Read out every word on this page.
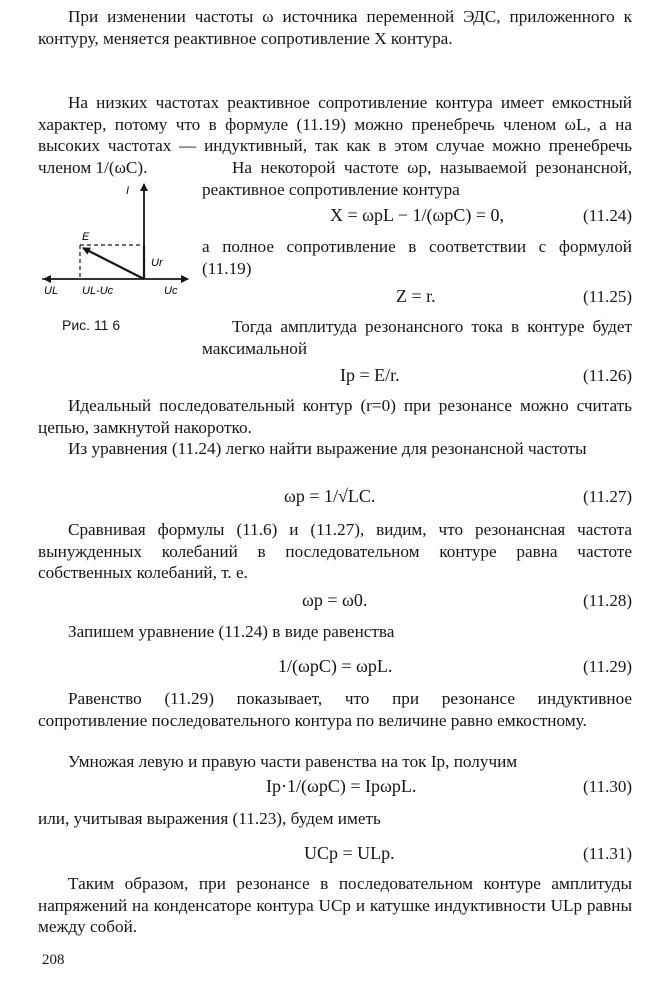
При изменении частоты ω источника переменной ЭДС, приложенного к контуру, меняется реактивное сопротивление X контура.
На низких частотах реактивное сопротивление контура имеет емкостный характер, потому что в формуле (11.19) можно пренебречь членом ωL, а на высоких частотах — индуктивный, так как в этом случае можно пренебречь членом 1/(ωC).
I
E
Ur
UL UL-Uc	Uc
Рис. 11 6
На некоторой частоте ωр, называемой резонансной, реактивное сопротивление контура
X = ωрL − 1/(ωрC) = 0,	(11.24)
а полное сопротивление в соответствии с формулой (11.19)
Z = r.	(11.25)
Тогда амплитуда резонансного тока в контуре будет максимальной
Iр = E/r.	(11.26)
Идеальный последовательный контур (r=0) при резонансе можно считать цепью, замкнутой накоротко.
Из уравнения (11.24) легко найти выражение для резонансной частоты
ωр = 1/√LC.	(11.27)
Сравнивая формулы (11.6) и (11.27), видим, что резонансная частота вынужденных колебаний в последовательном контуре равна частоте собственных колебаний, т. е.
ωр = ω0.	(11.28)
Запишем уравнение (11.24) в виде равенства
1/(ωрC) = ωрL.	(11.29)
Равенство (11.29) показывает, что при резонансе индуктивное сопротивление последовательного контура по величине равно емкостному.
Умножая левую и правую части равенства на ток Iр, получим
Iр·1/(ωрC) = IрωрL.	(11.30)
или, учитывая выражения (11.23), будем иметь
UCр = ULр.	(11.31)
Таким образом, при резонансе в последовательном контуре амплитуды напряжений на конденсаторе контура UCр и катушке индуктивности ULр равны между собой.
208
